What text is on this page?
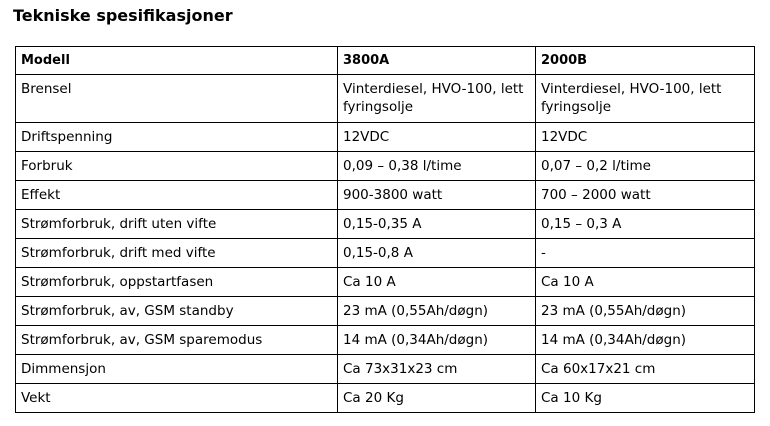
Tekniske spesifikasjoner
Modell	3800A	2000B
Brensel	Vinterdiesel, HVO-100, lett fyringsolje	Vinterdiesel, HVO-100, lett fyringsolje
Driftspenning	12VDC	12VDC
Forbruk	0,09 – 0,38 l/time	0,07 – 0,2 l/time
Effekt	900-3800 watt	700 – 2000 watt
Strømforbruk, drift uten vifte	0,15-0,35 A	0,15 – 0,3 A
Strømforbruk, drift med vifte	0,15-0,8 A	-
Strømforbruk, oppstartfasen	Ca 10 A	Ca 10 A
Strømforbruk, av, GSM standby	23 mA (0,55Ah/døgn)	23 mA (0,55Ah/døgn)
Strømforbruk, av, GSM sparemodus	14 mA (0,34Ah/døgn)	14 mA (0,34Ah/døgn)
Dimmensjon	Ca 73x31x23 cm	Ca 60x17x21 cm
Vekt	Ca 20 Kg	Ca 10 Kg
